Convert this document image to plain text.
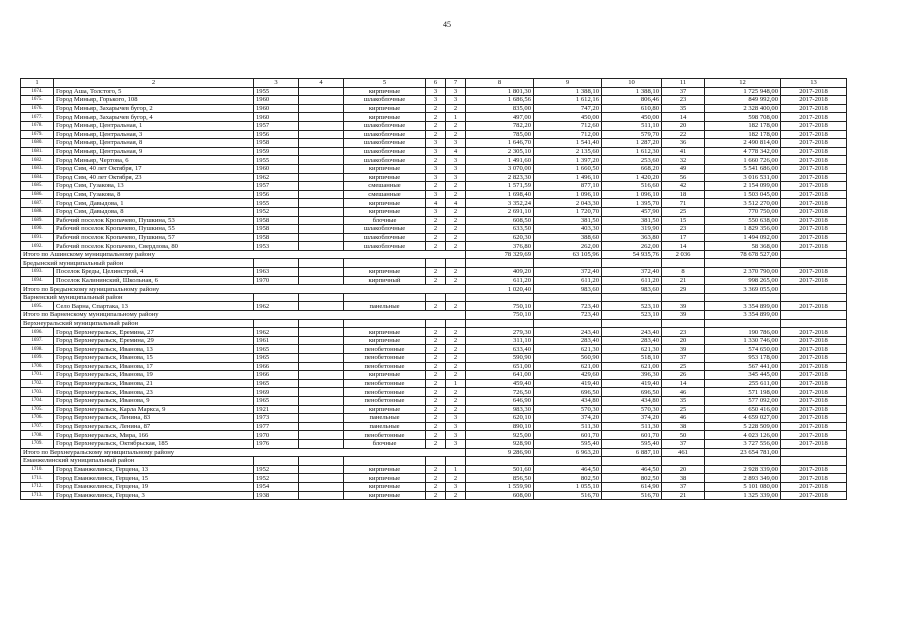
45
1	2	3	4	5	6	7	8	9	10	11	12	13
1674.	Город Аша, Толстого, 5	1955		кирпичные	3	3	1 801,30	1 388,10	1 388,10	37	1 725 948,00	2017-2018
1675.	Город Миньяр, Горького, 108	1960		шлакоблочные	3	3	1 686,56	1 612,16	806,46	23	849 992,00	2017-2018
1676.	Город Миньяр, Захарычев бугор, 2	1960		кирпичные	2	2	835,00	747,20	610,80	35	2 328 400,00	2017-2018
1677.	Город Миньяр, Захарычев бугор, 4	1960		кирпичные	2	1	497,00	450,00	450,00	14	598 708,00	2017-2018
1678.	Город Миньяр, Центральная, 1	1957		шлакоблочные	2	2	782,20	712,60	511,10	20	182 178,00	2017-2018
1679.	Город Миньяр, Центральная, 3	1956		шлакоблочные	2	2	785,00	712,00	579,70	22	182 178,00	2017-2018
1680.	Город Миньяр, Центральная, 8	1958		шлакоблочные	3	3	1 646,70	1 541,40	1 287,20	36	2 490 814,00	2017-2018
1681.	Город Миньяр, Центральная, 9	1959		шлакоблочные	3	4	2 305,10	2 135,60	1 612,30	41	4 778 342,00	2017-2018
1682.	Город Миньяр, Чертова, 6	1955		шлакоблочные	2	3	1 491,60	1 397,20	253,60	32	1 660 726,00	2017-2018
1683.	Город Сим, 40 лет Октября, 17	1960		кирпичные	3	3	3 070,00	1 660,50	668,20	49	5 541 686,00	2017-2018
1684.	Город Сим, 40 лет Октября, 23	1962		кирпичные	3	3	2 823,30	1 496,10	1 420,20	56	3 016 531,00	2017-2018
1685.	Город Сим, Гузакова, 13	1957		смешанные	2	2	1 571,59	877,10	516,60	42	2 154 099,00	2017-2018
1686.	Город Сим, Гузакова, 8	1956		смешанные	3	2	1 698,40	1 096,10	1 096,10	18	1 503 045,00	2017-2018
1687.	Город Сим, Давыдова, 1	1955		кирпичные	4	4	3 352,24	2 043,30	1 395,70	71	3 512 270,00	2017-2018
1688.	Город Сим, Давыдова, 8	1952		кирпичные	3	2	2 691,10	1 720,70	457,90	25	770 750,00	2017-2018
1689.	Рабочий поселок Кропачево, Пушкина, 53	1958		блочные	2	2	608,50	381,50	381,50	15	550 638,00	2017-2018
1690.	Рабочий поселок Кропачево, Пушкина, 55	1958		шлакоблочные	2	2	633,50	403,30	319,90	23	1 829 356,00	2017-2018
1691.	Рабочий поселок Кропачево, Пушкина, 57	1958		шлакоблочные	2	2	620,30	388,60	363,80	17	1 494 092,00	2017-2018
1692.	Рабочий поселок Кропачево, Свердлова, 80	1953		шлакоблочные	2	2	376,80	262,00	262,00	14	58 368,00	2017-2018
Итого по Ашинскому муниципальному району							78 329,69	63 105,96	54 935,76	2 036	78 678 527,00	
Бредынский муниципальный район												
1693.	Поселок Бреды, Целинстрой, 4	1963		кирпичные	2	2	409,20	372,40	372,40	8	2 370 790,00	2017-2018
1694.	Поселок Калининский, Школьная, 6	1970		кирпичный	2	2	611,20	611,20	611,20	21	998 265,00	2017-2018
Итого по Бредынскому муниципальному району							1 020,40	983,60	983,60	29	3 369 055,00	
Варненский муниципальный район												
1695.	Село Варна, Спартака, 13	1962		панельные	2	2	750,10	723,40	523,10	39	3 354 899,00	2017-2018
Итого по Варненскому муниципальному району							750,10	723,40	523,10	39	3 354 899,00	
Верхнеуральский муниципальный район												
1696.	Город Верхнеуральск, Еремина, 27	1962		кирпичные	2	2	279,30	243,40	243,40	23	190 786,00	2017-2018
1697.	Город Верхнеуральск, Еремина, 29	1961		кирпичные	2	2	311,10	283,40	283,40	20	1 330 746,00	2017-2018
1698.	Город Верхнеуральск, Иванова, 13	1965		пенобетонные	2	2	633,40	621,30	621,30	39	574 650,00	2017-2018
1699.	Город Верхнеуральск, Иванова, 15	1965		пенобетонные	2	2	590,90	560,90	518,10	37	953 178,00	2017-2018
1700.	Город Верхнеуральск, Иванова, 17	1966		пенобетонные	2	2	651,00	621,00	621,00	25	567 441,00	2017-2018
1701.	Город Верхнеуральск, Иванова, 19	1966		кирпичные	2	2	641,00	429,60	396,30	26	345 445,00	2017-2018
1702.	Город Верхнеуральск, Иванова, 21	1965		пенобетонные	2	1	459,40	419,40	419,40	14	255 611,00	2017-2018
1703.	Город Верхнеуральск, Иванова, 23	1969		пенобетонные	2	2	726,50	696,50	696,50	46	571 198,00	2017-2018
1704.	Город Верхнеуральск, Иванова, 9	1965		пенобетонные	2	2	646,90	434,80	434,80	35	577 092,00	2017-2018
1705.	Город Верхнеуральск, Карла Маркса, 9	1921		кирпичные	2	2	983,30	570,30	570,30	25	650 416,00	2017-2018
1706.	Город Верхнеуральск, Ленина, 83	1973		панельные	2	3	620,10	374,20	374,20	46	4 659 027,00	2017-2018
1707.	Город Верхнеуральск, Ленина, 87	1977		панельные	2	3	890,10	511,30	511,30	38	5 228 509,00	2017-2018
1708.	Город Верхнеуральск, Мира, 166	1970		пенобетонные	2	3	925,00	601,70	601,70	50	4 023 126,00	2017-2018
1709.	Город Верхнеуральск, Октябрьская, 185	1976		блочные	2	3	928,90	595,40	595,40	37	3 727 556,00	2017-2018
Итого по Верхнеуральскому муниципальному району							9 286,90	6 963,20	6 887,10	461	23 654 781,00	
Еманжелинский муниципальный район												
1710.	Город Еманжелинск, Герцена, 13	1952		кирпичные	2	1	501,60	464,50	464,50	20	2 928 339,00	2017-2018
1711.	Город Еманжелинск, Герцена, 15	1952		кирпичные	2	2	856,50	802,50	802,50	38	2 893 349,00	2017-2018
1712.	Город Еманжелинск, Герцена, 19	1954		кирпичные	2	3	1 559,90	1 055,10	614,90	37	5 101 080,00	2017-2018
1713.	Город Еманжелинск, Герцена, 3	1938		кирпичные	2	2	608,00	516,70	516,70	21	1 325 339,00	2017-2018
